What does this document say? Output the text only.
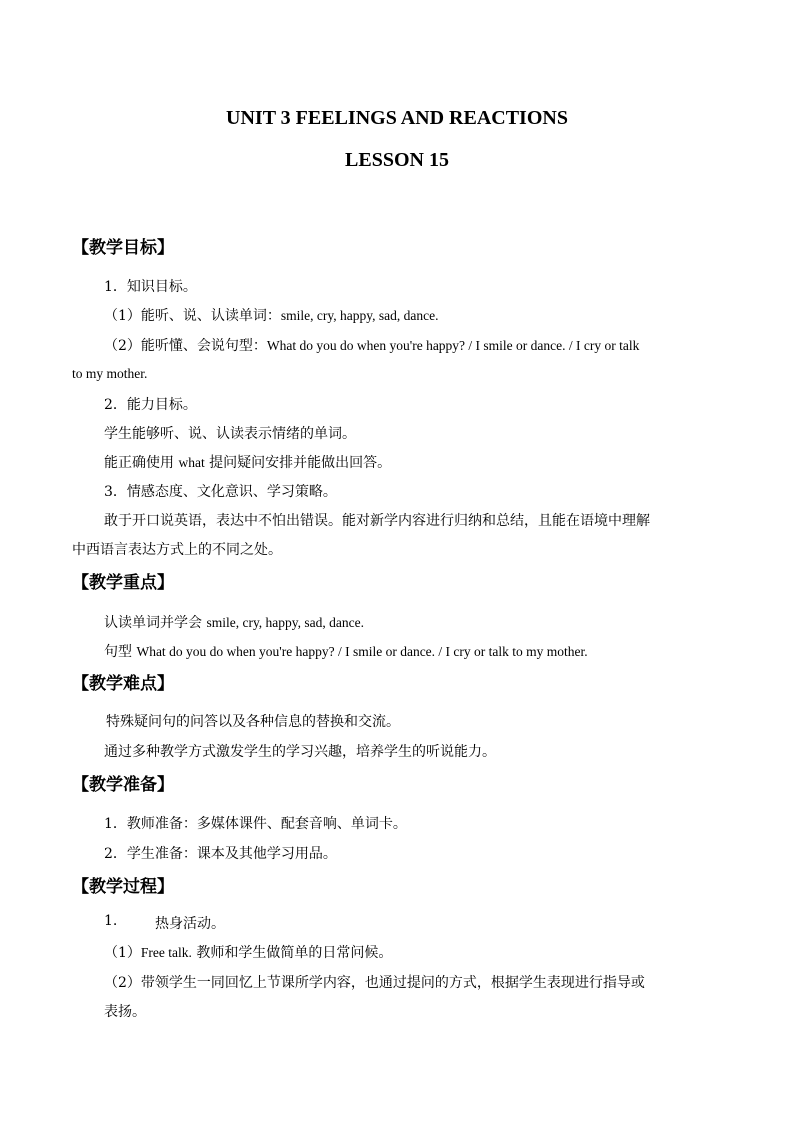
UNIT 3 FEELINGS AND REACTIONS
LESSON 15
【教学目标】
1．知识目标。
（1）能听、说、认读单词：smile, cry, happy, sad, dance.
（2）能听懂、会说句型：What do you do when you're happy? / I smile or dance. / I cry or talk
to my mother.
2．能力目标。
学生能够听、说、认读表示情绪的单词。
能正确使用 what 提问疑问安排并能做出回答。
3．情感态度、文化意识、学习策略。
敢于开口说英语，表达中不怕出错误。能对新学内容进行归纳和总结，且能在语境中理解
中西语言表达方式上的不同之处。
【教学重点】
认读单词并学会 smile, cry, happy, sad, dance.
句型 What do you do when you're happy? / I smile or dance. / I cry or talk to my mother.
【教学难点】
特殊疑问句的问答以及各种信息的替换和交流。
通过多种教学方式激发学生的学习兴趣，培养学生的听说能力。
【教学准备】
1．教师准备：多媒体课件、配套音响、单词卡。
2．学生准备：课本及其他学习用品。
【教学过程】
1.	热身活动。
（1）Free talk. 教师和学生做简单的日常问候。
（2）带领学生一同回忆上节课所学内容，也通过提问的方式，根据学生表现进行指导或
表扬。
